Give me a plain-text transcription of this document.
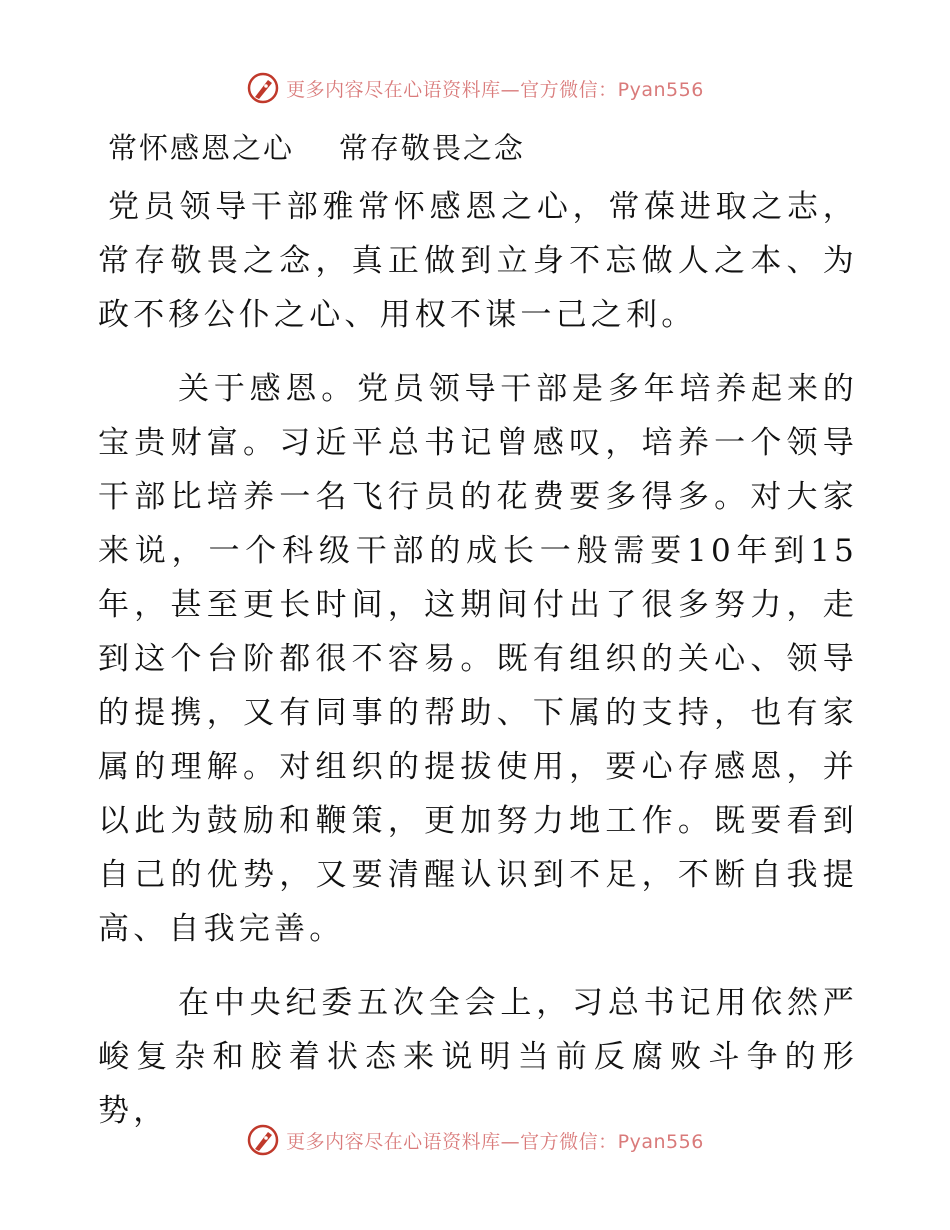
更多内容尽在心语资料库—官方微信：Pyan556
常怀感恩之心    常存敬畏之念

党员领导干部雅常怀感恩之心，常葆进取之志，常存敬畏之念，真正做到立身不忘做人之本、为政不移公仆之心、用权不谋一己之利。

关于感恩。党员领导干部是多年培养起来的宝贵财富。习近平总书记曾感叹，培养一个领导干部比培养一名飞行员的花费要多得多。对大家来说，一个科级干部的成长一般需要10年到15年，甚至更长时间，这期间付出了很多努力，走到这个台阶都很不容易。既有组织的关心、领导的提携，又有同事的帮助、下属的支持，也有家属的理解。对组织的提拔使用，要心存感恩，并以此为鼓励和鞭策，更加努力地工作。既要看到自己的优势，又要清醒认识到不足，不断自我提高、自我完善。

在中央纪委五次全会上，习总书记用依然严峻复杂和胶着状态来说明当前反腐败斗争的形势，

更多内容尽在心语资料库—官方微信：Pyan556
